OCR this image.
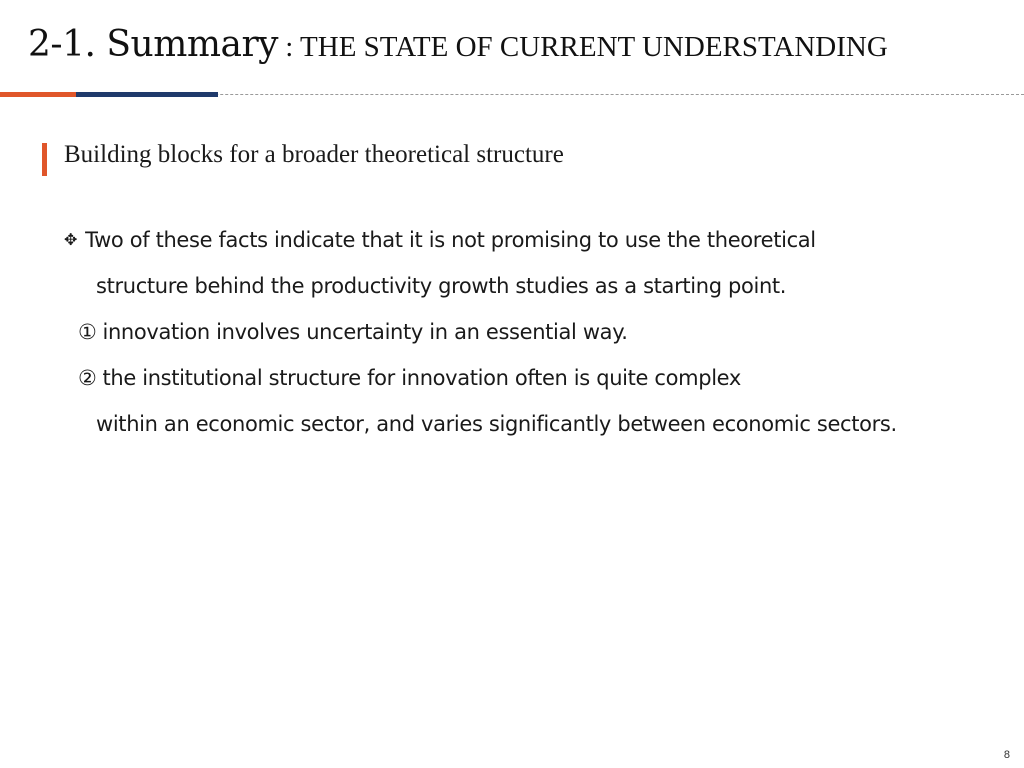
2-1. Summary : THE STATE OF CURRENT UNDERSTANDING
Building blocks for a broader theoretical structure
✥ Two of these facts indicate that it is not promising to use the theoretical
structure behind the productivity growth studies as a starting point.
① innovation involves uncertainty in an essential way.
② the institutional structure for innovation often is quite complex
within an economic sector, and varies significantly between economic sectors.
8
